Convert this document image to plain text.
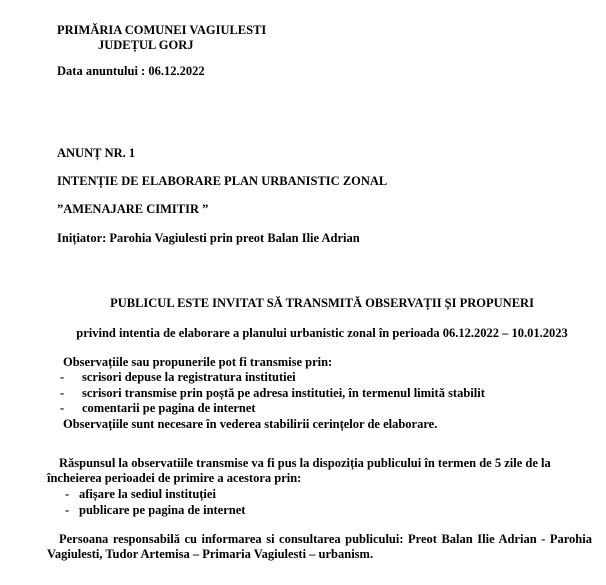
PRIMĂRIA COMUNEI VAGIULESTI
JUDEȚUL GORJ
Data anuntului : 06.12.2022
ANUNȚ NR. 1
INTENȚIE DE ELABORARE PLAN URBANISTIC ZONAL
”AMENAJARE CIMITIR ”
Inițiator: Parohia Vagiulesti prin preot Balan Ilie Adrian
PUBLICUL ESTE INVITAT SĂ TRANSMITĂ OBSERVAȚII ȘI PROPUNERI
privind intentia de elaborare a planului urbanistic zonal în perioada 06.12.2022 – 10.01.2023
Observațiile sau propunerile pot fi transmise prin:
-	scrisori depuse la registratura institutiei
-	scrisori transmise prin poștă pe adresa institutiei, în termenul limită stabilit
-	comentarii pe pagina de internet
Observațiile sunt necesare în vederea stabilirii cerințelor de elaborare.
Răspunsul la observatiile transmise va fi pus la dispoziția publicului în termen de 5 zile de la
încheierea perioadei de primire a acestora prin:
- afișare la sediul instituției
- publicare pe pagina de internet
Persoana responsabilă cu informarea si consultarea publicului: Preot Balan Ilie Adrian - Parohia
Vagiulesti, Tudor Artemisa – Primaria Vagiulesti – urbanism.
